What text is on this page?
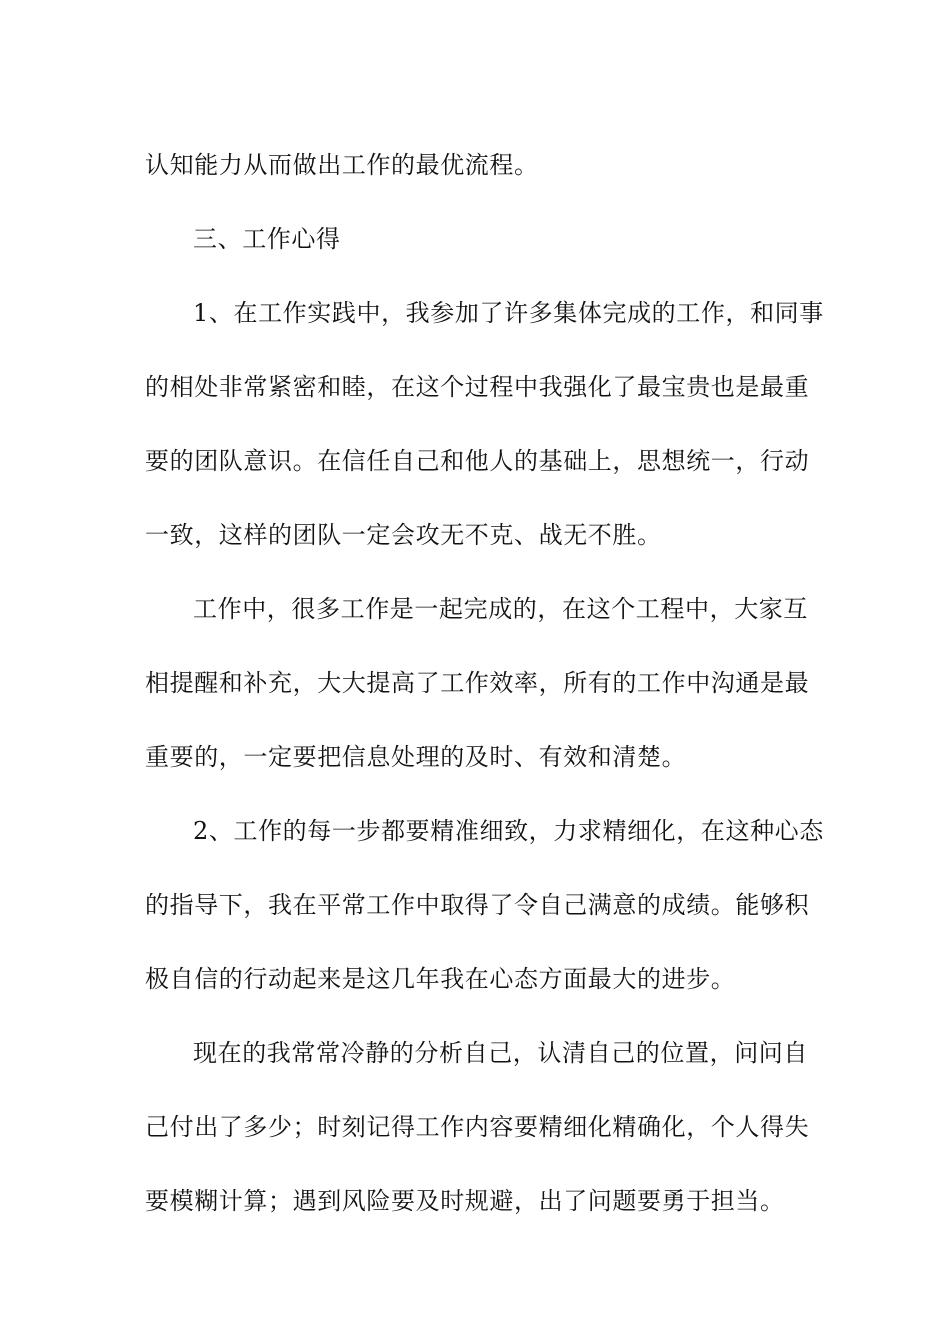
认知能力从而做出工作的最优流程。
三、工作心得
1、在工作实践中，我参加了许多集体完成的工作，和同事
的相处非常紧密和睦，在这个过程中我强化了最宝贵也是最重
要的团队意识。在信任自己和他人的基础上，思想统一，行动
一致，这样的团队一定会攻无不克、战无不胜。
工作中，很多工作是一起完成的，在这个工程中，大家互
相提醒和补充，大大提高了工作效率，所有的工作中沟通是最
重要的，一定要把信息处理的及时、有效和清楚。
2、工作的每一步都要精准细致，力求精细化，在这种心态
的指导下，我在平常工作中取得了令自己满意的成绩。能够积
极自信的行动起来是这几年我在心态方面最大的进步。
现在的我常常冷静的分析自己，认清自己的位置，问问自
己付出了多少；时刻记得工作内容要精细化精确化，个人得失
要模糊计算；遇到风险要及时规避，出了问题要勇于担当。
